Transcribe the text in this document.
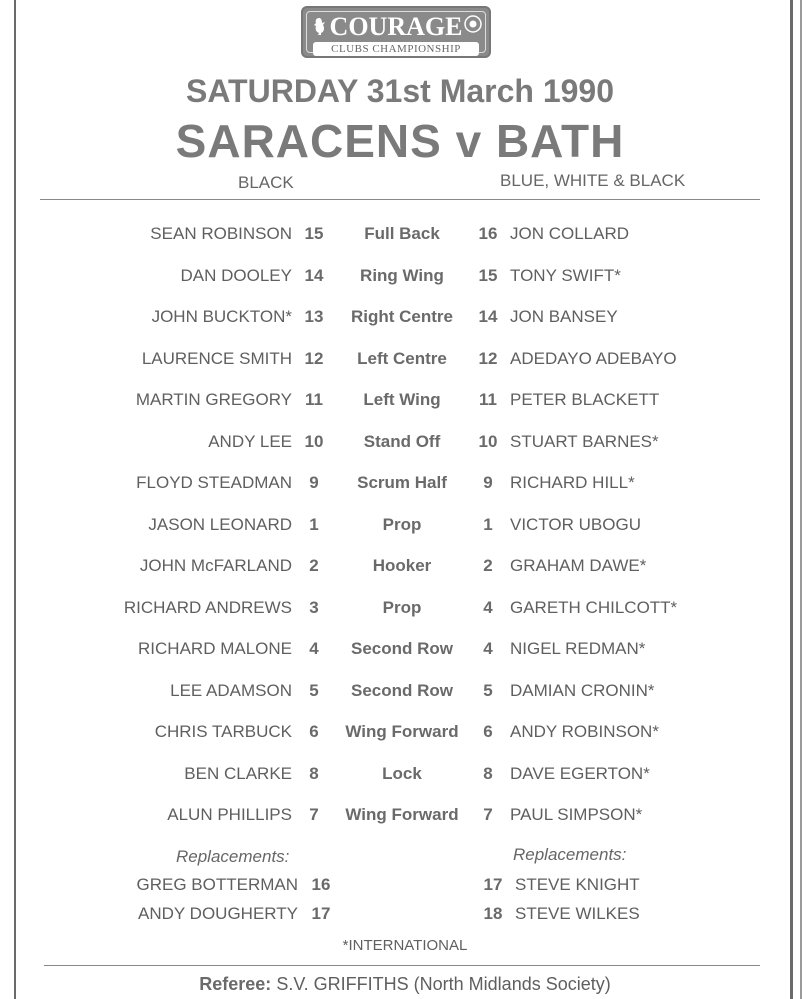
COURAGE
CLUBS CHAMPIONSHIP
SATURDAY 31st March 1990
SARACENS v BATH
BLACK	BLUE, WHITE & BLACK
SEAN ROBINSON 15	Full Back	16 JON COLLARD
DAN DOOLEY 14	Ring Wing	15 TONY SWIFT*
JOHN BUCKTON* 13	Right Centre	14 JON BANSEY
LAURENCE SMITH 12	Left Centre	12 ADEDAYO ADEBAYO
MARTIN GREGORY 11	Left Wing	11 PETER BLACKETT
ANDY LEE 10	Stand Off	10 STUART BARNES*
FLOYD STEADMAN	9	Scrum Half	9	RICHARD HILL*
JASON LEONARD	1	Prop	1	VICTOR UBOGU
JOHN McFARLAND	2	Hooker	2	GRAHAM DAWE*
RICHARD ANDREWS	3	Prop	4	GARETH CHILCOTT*
RICHARD MALONE	4	Second Row	4	NIGEL REDMAN*
LEE ADAMSON	5	Second Row	5	DAMIAN CRONIN*
CHRIS TARBUCK	6	Wing Forward	6	ANDY ROBINSON*
BEN CLARKE	8	Lock	8	DAVE EGERTON*
ALUN PHILLIPS	7	Wing Forward	7	PAUL SIMPSON*
Replacements:	Replacements:
GREG BOTTERMAN 16	17 STEVE KNIGHT
ANDY DOUGHERTY 17	18 STEVE WILKES
*INTERNATIONAL
Referee: S.V. GRIFFITHS (North Midlands Society)
